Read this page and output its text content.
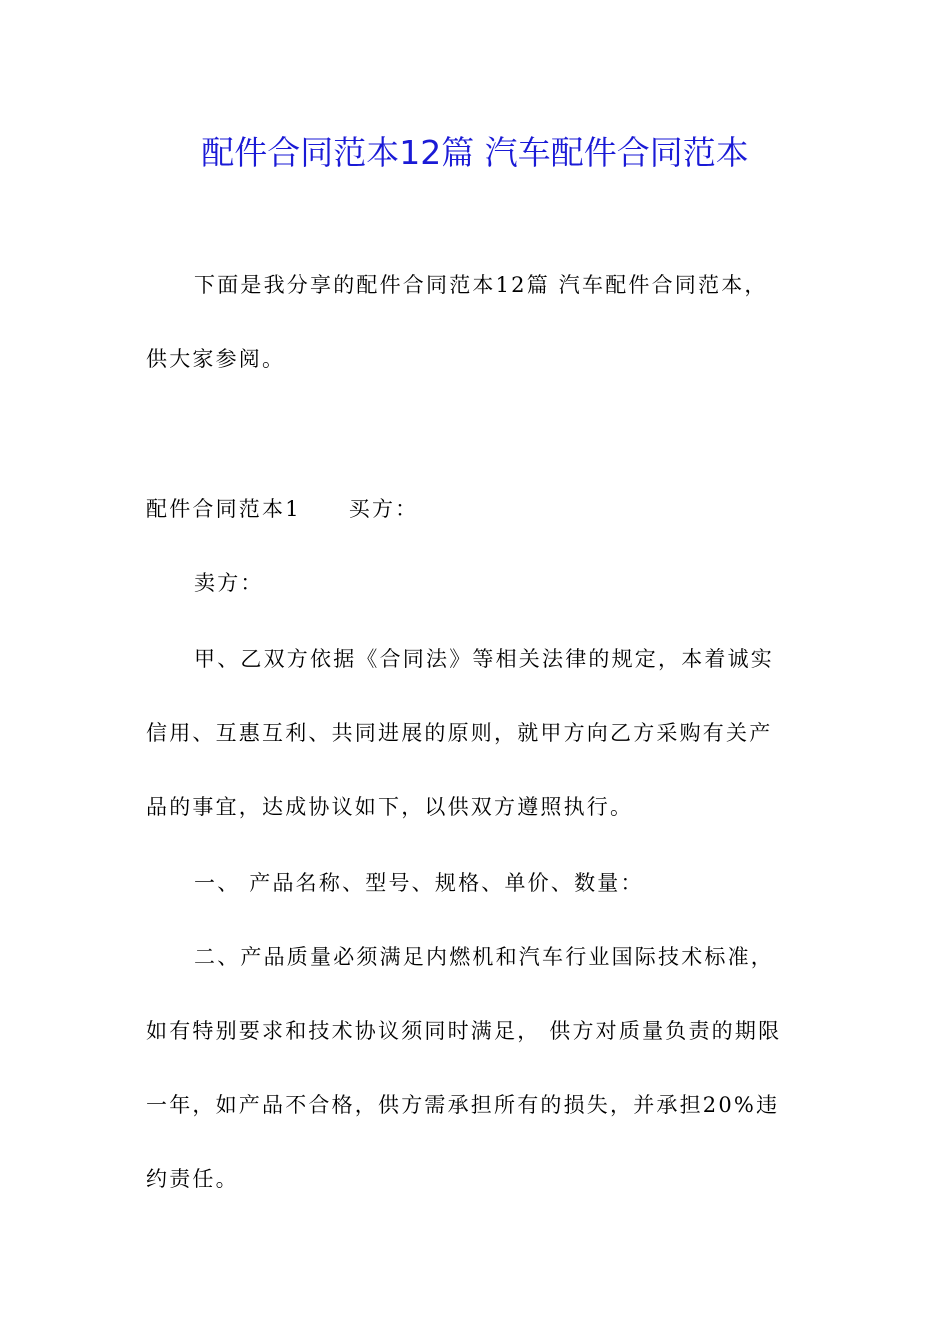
配件合同范本12篇 汽车配件合同范本
下面是我分享的配件合同范本12篇 汽车配件合同范本，
供大家参阅。
配件合同范本1 买方：
卖方：
甲、乙双方依据《合同法》等相关法律的规定，本着诚实
信用、互惠互利、共同进展的原则，就甲方向乙方采购有关产
品的事宜，达成协议如下，以供双方遵照执行。
一、 产品名称、型号、规格、单价、数量：
二、产品质量必须满足内燃机和汽车行业国际技术标准，
如有特别要求和技术协议须同时满足， 供方对质量负责的期限
一年，如产品不合格，供方需承担所有的损失，并承担20%违
约责任。
